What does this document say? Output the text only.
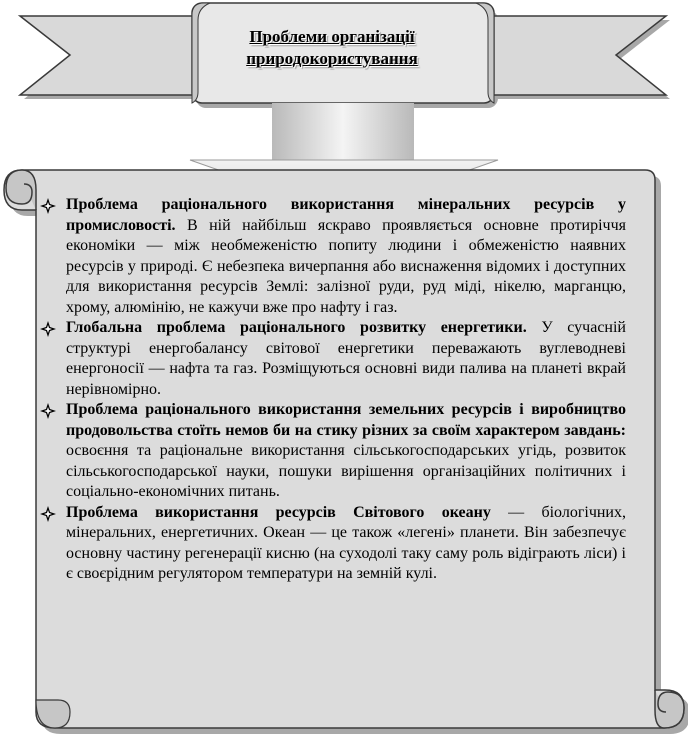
Проблеми організації
природокористування
Проблема раціонального використання мінеральних ресурсів у промисловості. В ній найбільш яскраво проявляється основне протиріччя економіки — між необмеженістю попиту людини і обмеженістю наявних ресурсів у природі. Є небезпека вичерпання або виснаження відомих і доступних для використання ресурсів Землі: залізної руди, руд міді, нікелю, марганцю, хрому, алюмінію, не кажучи вже про нафту і газ.
Глобальна проблема раціонального розвитку енергетики. У сучасній структурі енергобалансу світової енергетики переважають вуглеводневі енергоносії — нафта та газ. Розміщуються основні види палива на планеті вкрай нерівномірно.
Проблема раціонального використання земельних ресурсів і виробництво продовольства стоїть немов би на стику різних за своїм характером завдань: освоєння та раціональне використання сільськогосподарських угідь, розвиток сільськогосподарської науки, пошуки вирішення організаційних політичних і соціально-економічних питань.
Проблема використання ресурсів Світового океану — біологічних, мінеральних, енергетичних. Океан — це також «легені» планети. Він забезпечує основну частину регенерації кисню (на суходолі таку саму роль відіграють ліси) і є своєрідним регулятором температури на земній кулі.
